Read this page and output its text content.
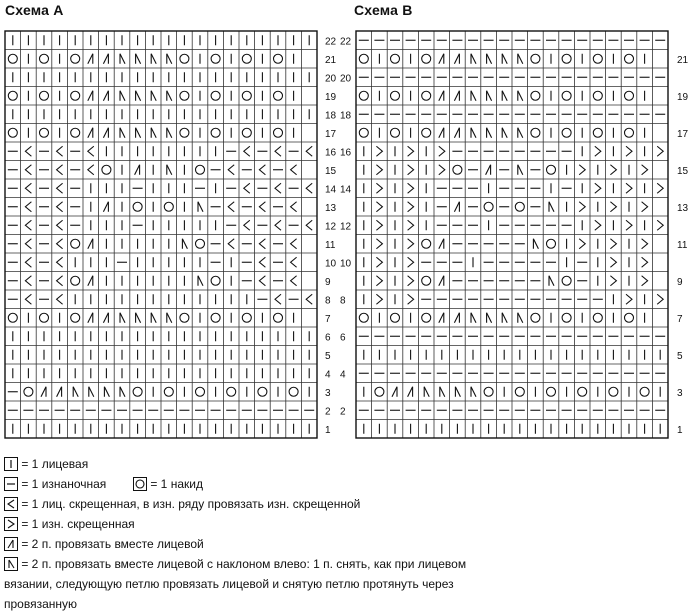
Схема А	Схема В
22
21
20
19
18
17
16
15
14
13
12
11
10
9
8
7
6
5
4
3
2
1
22
21
20
19
18
17
16
15
14
13
12
11
10
9
8
7
6
5
4
3
2
1
= 1 лицевая
= 1 изнаночная	= 1 накид
= 1 лиц. скрещенная, в изн. ряду провязать изн. скрещенной
= 1 изн. скрещенная
= 2 п. провязать вместе лицевой
= 2 п. провязать вместе лицевой с наклоном влево: 1 п. снять, как при лицевом
вязании, следующую петлю провязать лицевой и снятую петлю протянуть через
провязанную
